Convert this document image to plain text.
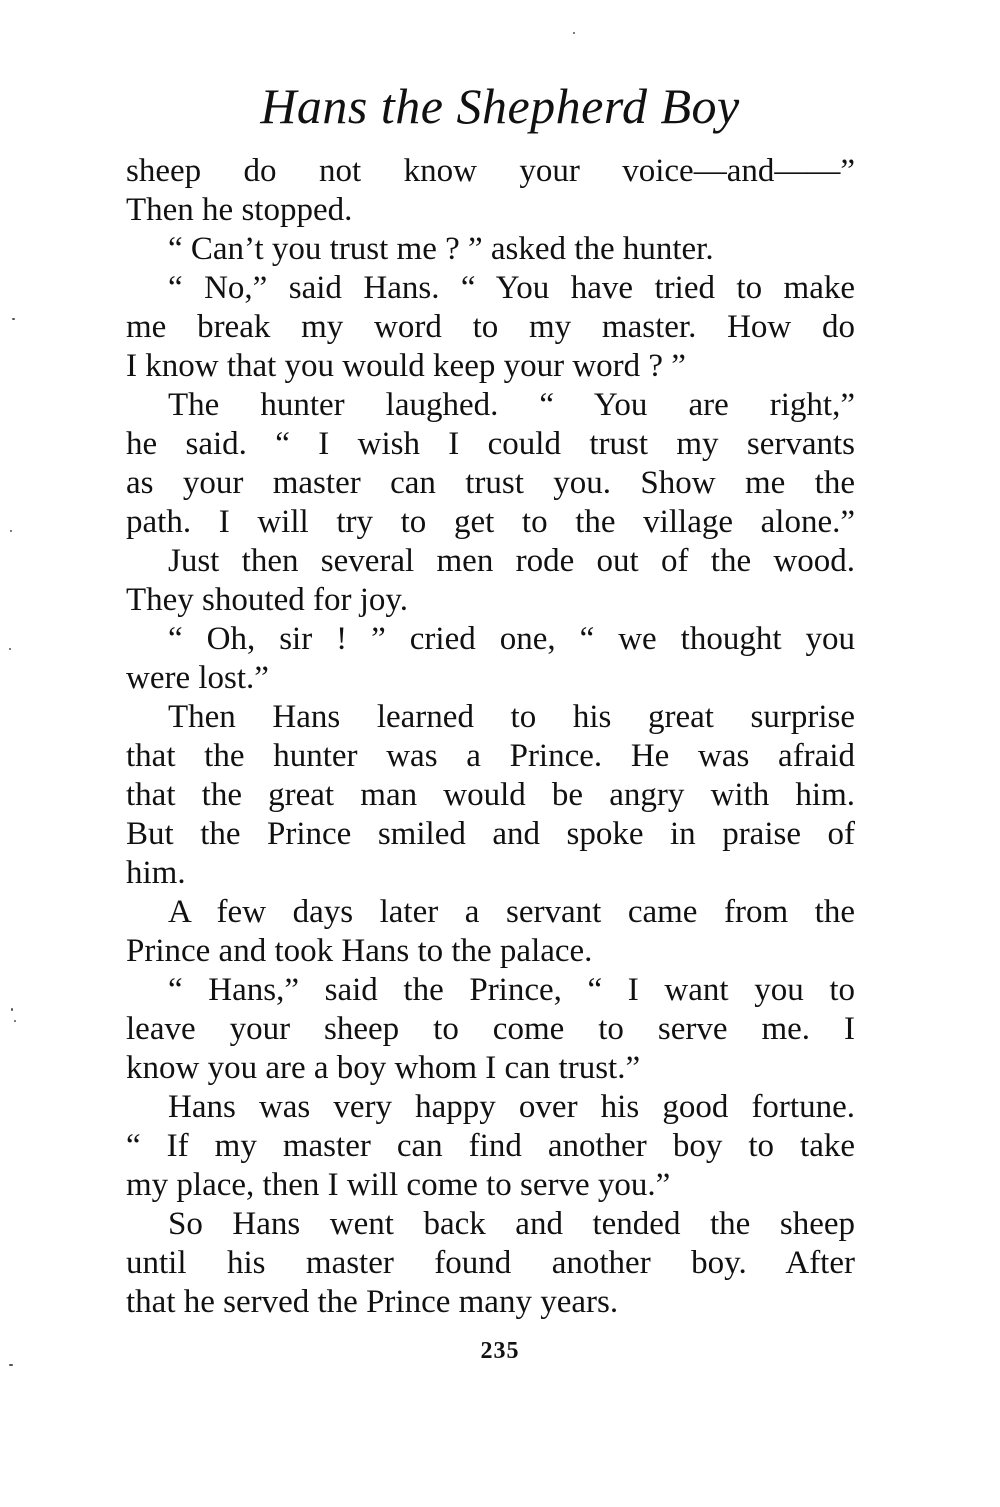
Hans the Shepherd Boy
sheep do not know your voice—and——”
Then he stopped.
“ Can’t you trust me ? ” asked the hunter.
“ No,” said Hans. “ You have tried to make
me break my word to my master. How do
I know that you would keep your word ? ”
The hunter laughed. “ You are right,”
he said. “ I wish I could trust my servants
as your master can trust you. Show me the
path. I will try to get to the village alone.”
Just then several men rode out of the wood.
They shouted for joy.
“ Oh, sir ! ” cried one, “ we thought you
were lost.”
Then Hans learned to his great surprise
that the hunter was a Prince. He was afraid
that the great man would be angry with him.
But the Prince smiled and spoke in praise of
him.
A few days later a servant came from the
Prince and took Hans to the palace.
“ Hans,” said the Prince, “ I want you to
leave your sheep to come to serve me. I
know you are a boy whom I can trust.”
Hans was very happy over his good fortune.
“ If my master can find another boy to take
my place, then I will come to serve you.”
So Hans went back and tended the sheep
until his master found another boy. After
that he served the Prince many years.
235
